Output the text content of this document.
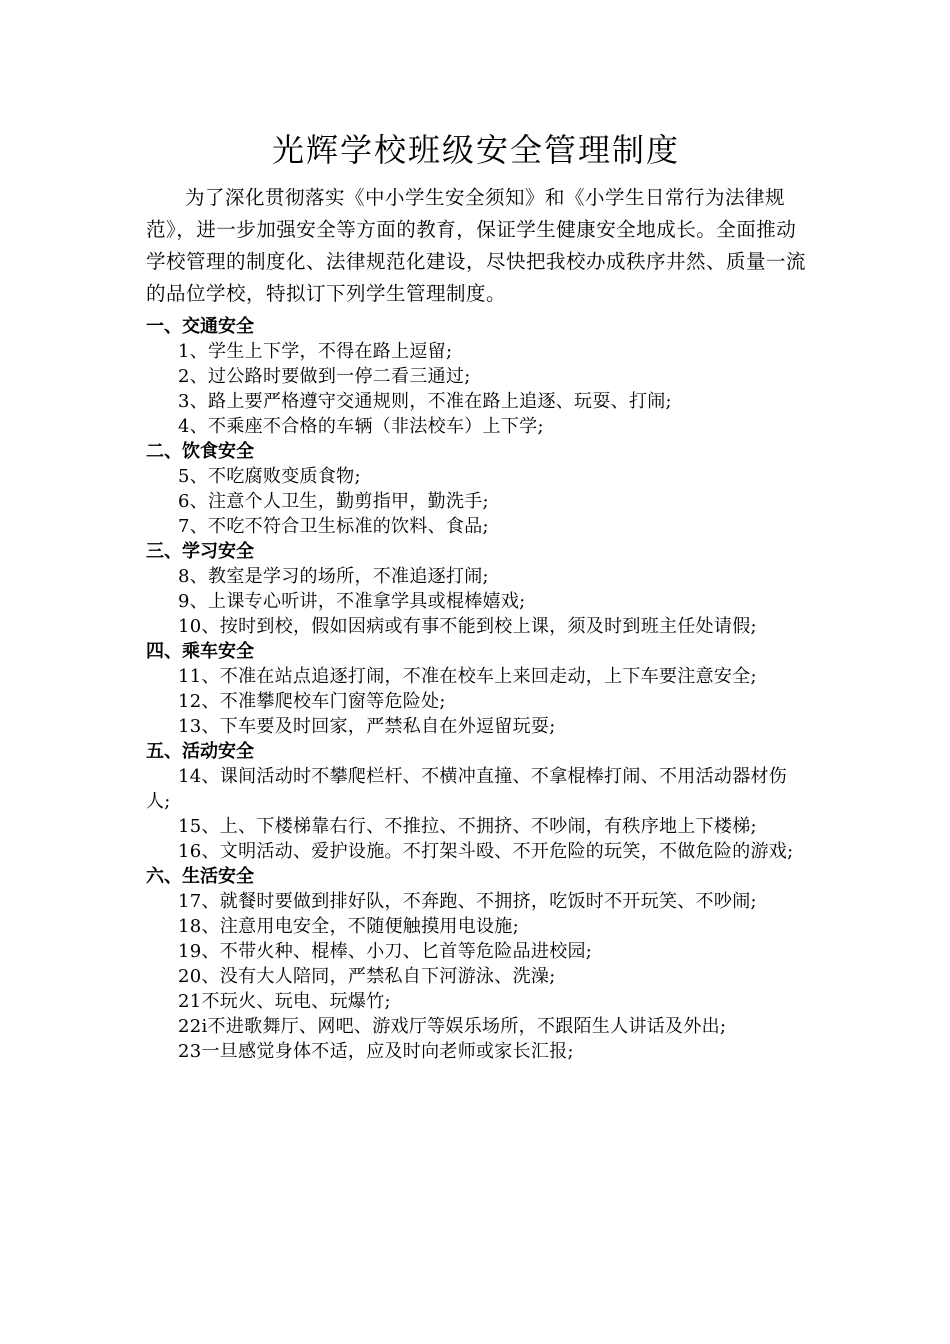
光辉学校班级安全管理制度

为了深化贯彻落实《中小学生安全须知》和《小学生日常行为法律规范》，进一步加强安全等方面的教育，保证学生健康安全地成长。全面推动学校管理的制度化、法律规范化建设，尽快把我校办成秩序井然、质量一流的品位学校，特拟订下列学生管理制度。

一、交通安全

1、学生上下学，不得在路上逗留;

2、过公路时要做到一停二看三通过;

3、路上要严格遵守交通规则，不准在路上追逐、玩耍、打闹;

4、不乘座不合格的车辆（非法校车）上下学;

二、饮食安全

5、不吃腐败变质食物;

6、注意个人卫生，勤剪指甲，勤洗手;

7、不吃不符合卫生标准的饮料、食品;

三、学习安全

8、教室是学习的场所，不准追逐打闹;

9、上课专心听讲，不准拿学具或棍棒嬉戏;

10、按时到校，假如因病或有事不能到校上课，须及时到班主任处请假;

四、乘车安全

11、不准在站点追逐打闹，不准在校车上来回走动，上下车要注意安全;

12、不准攀爬校车门窗等危险处;

13、下车要及时回家，严禁私自在外逗留玩耍;

五、活动安全

14、课间活动时不攀爬栏杆、不横冲直撞、不拿棍棒打闹、不用活动器材伤人;

15、上、下楼梯靠右行、不推拉、不拥挤、不吵闹，有秩序地上下楼梯;

16、文明活动、爱护设施。不打架斗殴、不开危险的玩笑，不做危险的游戏;

六、生活安全

17、就餐时要做到排好队，不奔跑、不拥挤，吃饭时不开玩笑、不吵闹;

18、注意用电安全，不随便触摸用电设施;

19、不带火种、棍棒、小刀、匕首等危险品进校园;

20、没有大人陪同，严禁私自下河游泳、洗澡;

21不玩火、玩电、玩爆竹;

22i不进歌舞厅、网吧、游戏厅等娱乐场所，不跟陌生人讲话及外出;

23一旦感觉身体不适，应及时向老师或家长汇报;
